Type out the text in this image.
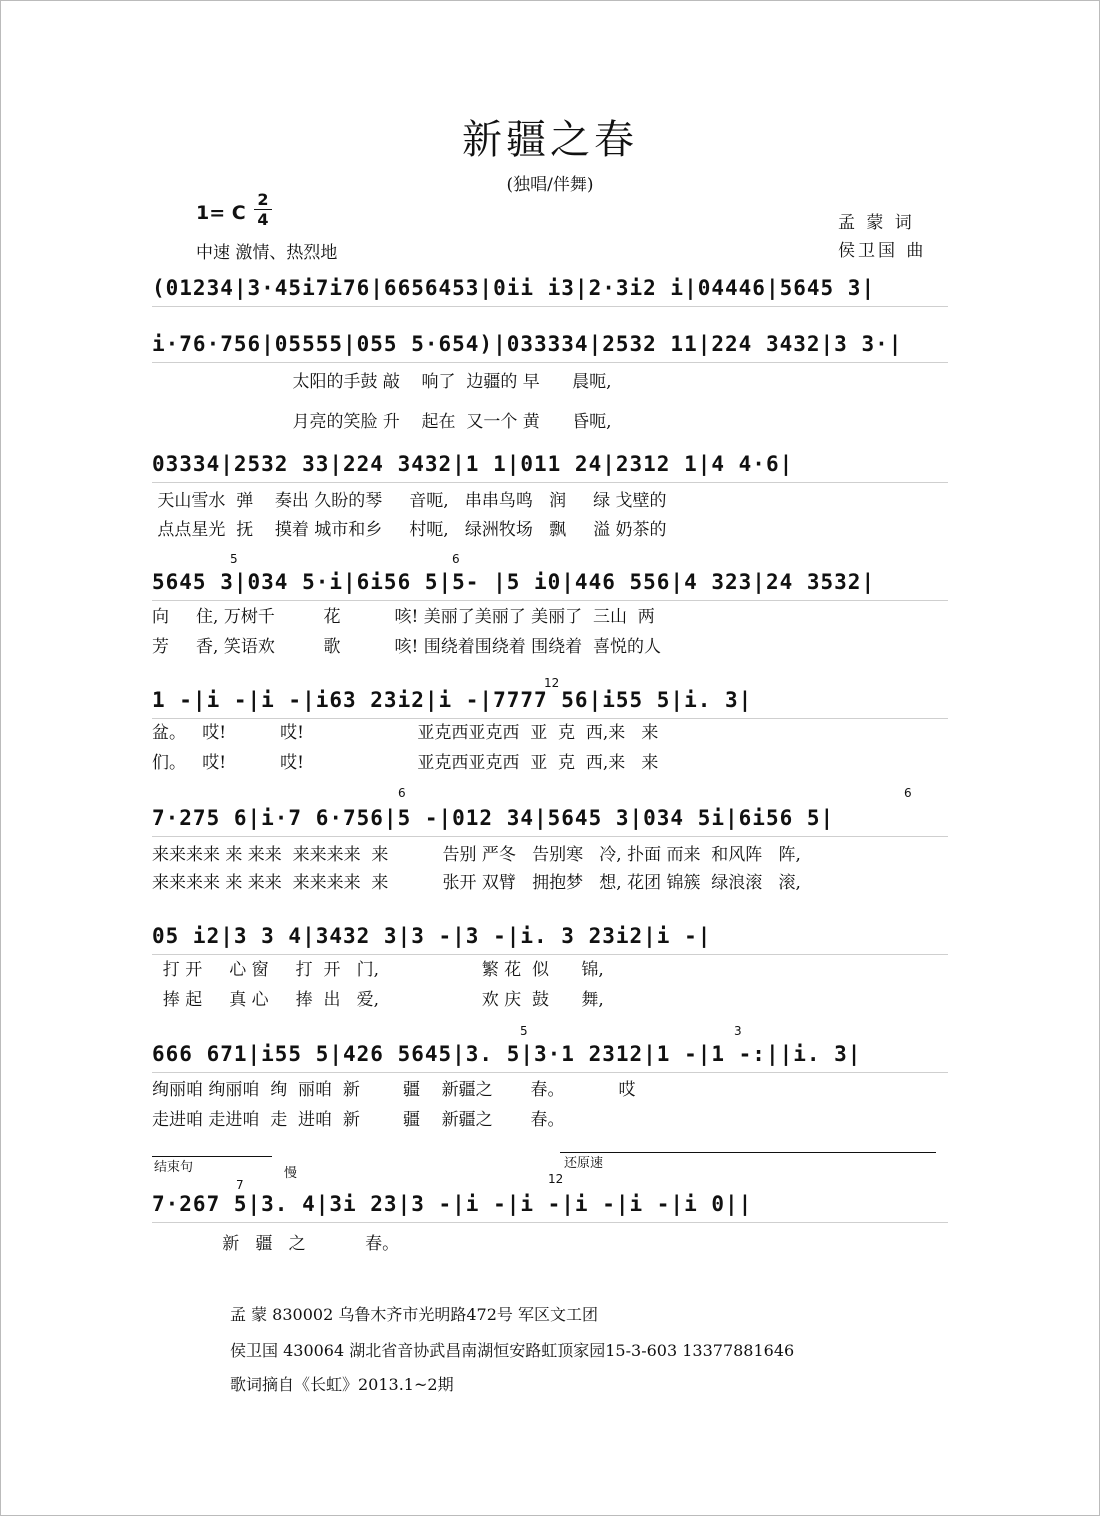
新疆之春
(独唱/伴舞)
1= C
2
4
中速 激情、热烈地
孟 蒙 词
侯卫国 曲
(01234|3·45i7i76|6656453|0ii i3|2·3i2 i|04446|5645 3|
i·76·756|05555|055 5·654)|033334|2532 11|224 3432|3 3·|
太阳的手鼓 敲    响了  边疆的 早      晨呃,
月亮的笑脸 升    起在  又一个 黄      昏呃,
03334|2532 33|224 3432|1 1|011 24|2312 1|4 4·6|
天山雪水  弹    奏出 久盼的琴     音呃,   串串鸟鸣   润     绿 戈壁的
点点星光  抚    摸着 城市和乡     村呃,   绿洲牧场   飘     溢 奶茶的
5	6
5645 3|034 5·i|6i56 5|5- |5 i0|446 556|4 323|24 3532|
向     住, 万树千         花          咳! 美丽了美丽了 美丽了  三山  两
芳     香, 笑语欢         歌          咳! 围绕着围绕着 围绕着  喜悦的人
12
1 -|i -|i -|i63 23i2|i -|7777 56|i55 5|i. 3|
盆。   哎!          哎!                     亚克西亚克西  亚  克  西,来   来
们。   哎!          哎!                     亚克西亚克西  亚  克  西,来   来
6	6
7·275 6|i·7 6·756|5 -|012 34|5645 3|034 5i|6i56 5|
来来来来 来 来来  来来来来  来          告别 严冬   告别寒   冷, 扑面 而来  和风阵   阵,
来来来来 来 来来  来来来来  来          张开 双臂   拥抱梦   想, 花团 锦簇  绿浪滚   滚,
05 i2|3 3 4|3432 3|3 -|3 -|i. 3 23i2|i -|
打 开     心 窗     打  开   门,                   繁 花  似      锦,
捧 起     真 心     捧  出   爱,                   欢 庆  鼓      舞,
5	3
666 671|i55 5|426 5645|3. 5|3·1 2312|1 -|1 -:||i. 3|
绚丽咱 绚丽咱  绚  丽咱  新        疆    新疆之       春。          哎
走进咱 走进咱  走  进咱  新        疆    新疆之       春。
结束句	慢
还原速
12
7
7·267 5|3. 4|3i 23|3 -|i -|i -|i -|i -|i 0||
新   疆   之           春。
孟 蒙 830002 乌鲁木齐市光明路472号 军区文工团
侯卫国 430064 湖北省音协武昌南湖恒安路虹顶家园15-3-603 13377881646
歌词摘自《长虹》2013.1~2期
